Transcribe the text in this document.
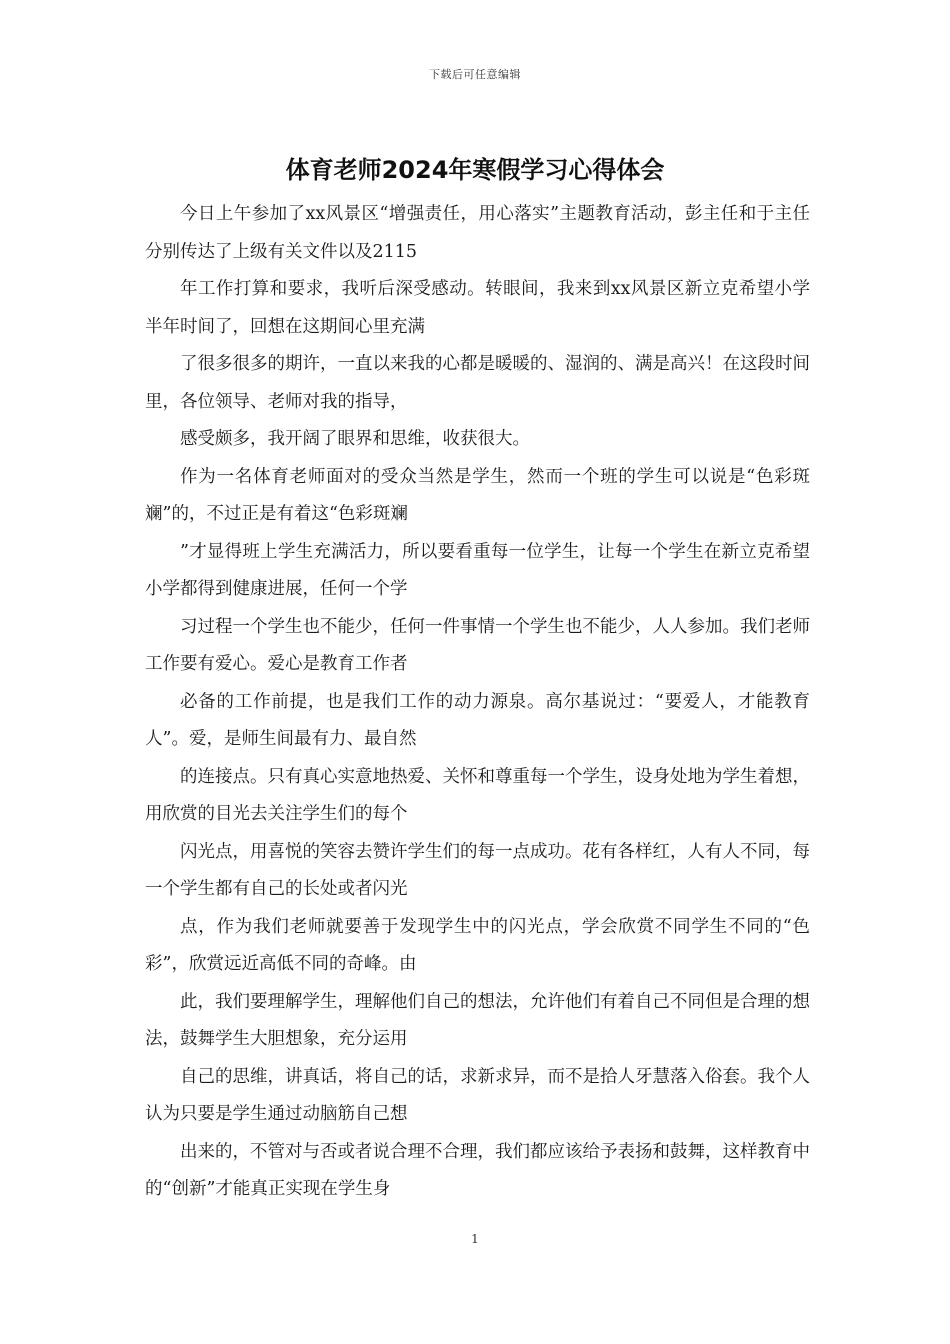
下载后可任意编辑
体育老师2024年寒假学习心得体会

今日上午参加了xx风景区“增强责任，用心落实”主题教育活动，彭主任和于主任分别传达了上级有关文件以及2115

年工作打算和要求，我听后深受感动。转眼间，我来到xx风景区新立克希望小学半年时间了，回想在这期间心里充满

了很多很多的期许，一直以来我的心都是暖暖的、湿润的、满是高兴！在这段时间里，各位领导、老师对我的指导，

感受颇多，我开阔了眼界和思维，收获很大。

作为一名体育老师面对的受众当然是学生，然而一个班的学生可以说是“色彩斑斓”的，不过正是有着这“色彩斑斓

”才显得班上学生充满活力，所以要看重每一位学生，让每一个学生在新立克希望小学都得到健康进展，任何一个学

习过程一个学生也不能少，任何一件事情一个学生也不能少，人人参加。我们老师工作要有爱心。爱心是教育工作者

必备的工作前提，也是我们工作的动力源泉。高尔基说过：“要爱人，才能教育人”。爱，是师生间最有力、最自然

的连接点。只有真心实意地热爱、关怀和尊重每一个学生，设身处地为学生着想，用欣赏的目光去关注学生们的每个

闪光点，用喜悦的笑容去赞许学生们的每一点成功。花有各样红，人有人不同，每一个学生都有自己的长处或者闪光

点，作为我们老师就要善于发现学生中的闪光点，学会欣赏不同学生不同的“色彩”，欣赏远近高低不同的奇峰。由

此，我们要理解学生，理解他们自己的想法，允许他们有着自己不同但是合理的想法，鼓舞学生大胆想象，充分运用

自己的思维，讲真话，将自己的话，求新求异，而不是拾人牙慧落入俗套。我个人认为只要是学生通过动脑筋自己想

出来的，不管对与否或者说合理不合理，我们都应该给予表扬和鼓舞，这样教育中的“创新”才能真正实现在学生身

1
